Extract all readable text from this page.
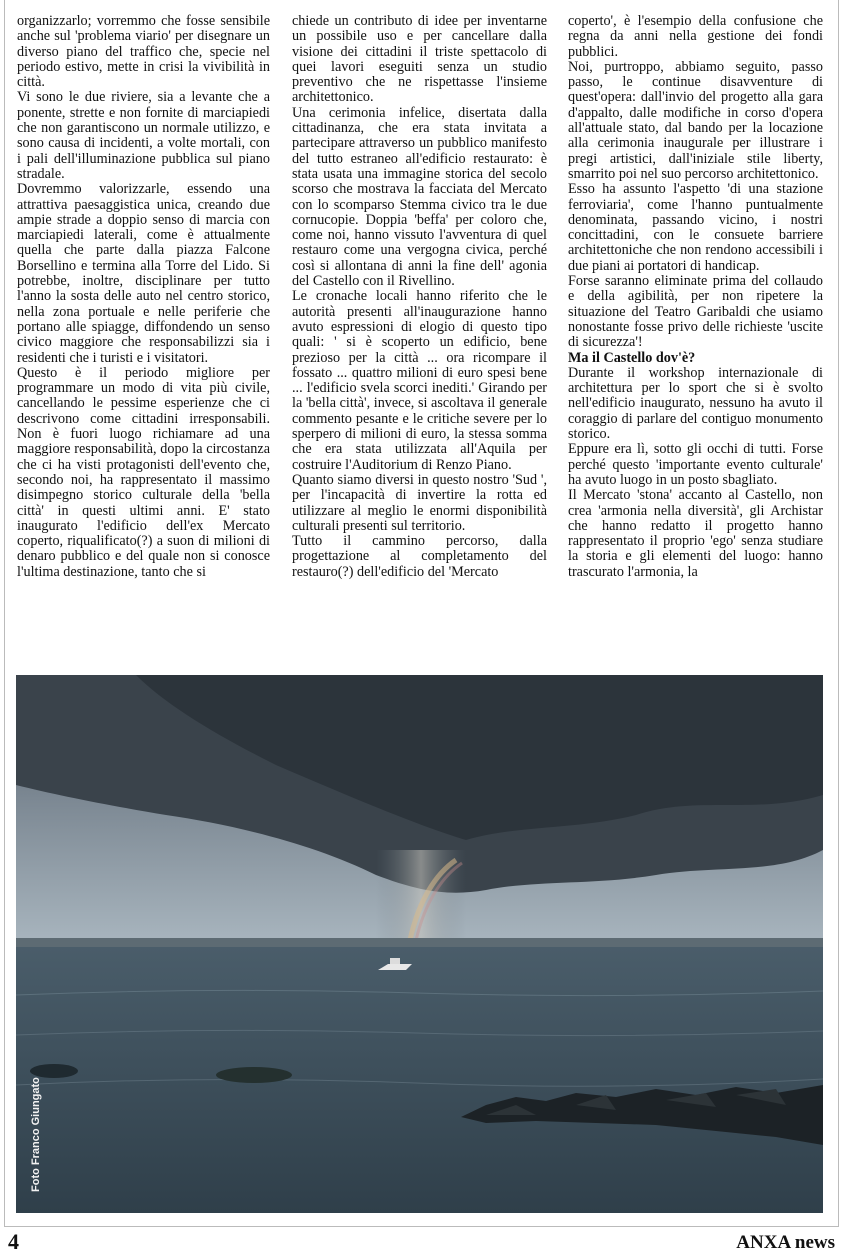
organizzarlo; vorremmo che fosse sensibile anche sul 'problema viario' per disegnare un diverso piano del traffico che, specie nel periodo estivo, mette in crisi la vivibilità in città.

Vi sono le due riviere, sia a levante che a ponente, strette e non fornite di marciapiedi che non garantiscono un normale utilizzo, e sono causa di incidenti, a volte mortali, con i pali dell'illuminazione pubblica sul piano stradale.

Dovremmo valorizzarle, essendo una attrattiva paesaggistica unica, creando due ampie strade a doppio senso di marcia con marciapiedi laterali, come è attualmente quella che parte dalla piazza Falcone Borsellino e termina alla Torre del Lido. Si potrebbe, inoltre, disciplinare per tutto l'anno la sosta delle auto nel centro storico, nella zona portuale e nelle periferie che portano alle spiagge, diffondendo un senso civico maggiore che responsabilizzi sia i residenti che i turisti e i visitatori.

Questo è il periodo migliore per programmare un modo di vita più civile, cancellando le pessime esperienze che ci descrivono come cittadini irresponsabili. Non è fuori luogo richiamare ad una maggiore responsabilità, dopo la circostanza che ci ha visti protagonisti dell'evento che, secondo noi, ha rappresentato il massimo disimpegno storico culturale della 'bella città' in questi ultimi anni. E' stato inaugurato l'edificio dell'ex Mercato coperto, riqualificato(?) a suon di milioni di denaro pubblico e del quale non si conosce l'ultima destinazione, tanto che si

chiede un contributo di idee per inventarne un possibile uso e per cancellare dalla visione dei cittadini il triste spettacolo di quei lavori eseguiti senza un studio preventivo che ne rispettasse l'insieme architettonico.

Una cerimonia infelice, disertata dalla cittadinanza, che era stata invitata a partecipare attraverso un pubblico manifesto del tutto estraneo all'edificio restaurato: è stata usata una immagine storica del secolo scorso che mostrava la facciata del Mercato con lo scomparso Stemma civico tra le due cornucopie. Doppia 'beffa' per coloro che, come noi, hanno vissuto l'avventura di quel restauro come una vergogna civica, perché così si allontana di anni la fine dell' agonia del Castello con il Rivellino.

Le cronache locali hanno riferito che le autorità presenti all'inaugurazione hanno avuto espressioni di elogio di questo tipo quali: ' si è scoperto un edificio, bene prezioso per la città ... ora ricompare il fossato ... quattro milioni di euro spesi bene ... l'edificio svela scorci inediti.' Girando per la 'bella città', invece, si ascoltava il generale commento pesante e le critiche severe per lo sperpero di milioni di euro, la stessa somma che era stata utilizzata all'Aquila per costruire l'Auditorium di Renzo Piano.

Quanto siamo diversi in questo nostro 'Sud ', per l'incapacità di invertire la rotta ed utilizzare al meglio le enormi disponibilità culturali presenti sul territorio.

Tutto il cammino percorso, dalla progettazione al completamento del restauro(?) dell'edificio del 'Mercato

coperto', è l'esempio della confusione che regna da anni nella gestione dei fondi pubblici.

Noi, purtroppo, abbiamo seguito, passo passo, le continue disavventure di quest'opera: dall'invio del progetto alla gara d'appalto, dalle modifiche in corso d'opera all'attuale stato, dal bando per la locazione alla cerimonia inaugurale per illustrare i pregi artistici, dall'iniziale stile liberty, smarrito poi nel suo percorso architettonico.

Esso ha assunto l'aspetto 'di una stazione ferroviaria', come l'hanno puntualmente denominata, passando vicino, i nostri concittadini, con le consuete barriere architettoniche che non rendono accessibili i due piani ai portatori di handicap.

Forse saranno eliminate prima del collaudo e della agibilità, per non ripetere la situazione del Teatro Garibaldi che usiamo nonostante fosse privo delle richieste 'uscite di sicurezza'!

Ma il Castello dov'è?

Durante il workshop internazionale di architettura per lo sport che si è svolto nell'edificio inaugurato, nessuno ha avuto il coraggio di parlare del contiguo monumento storico.

Eppure era lì, sotto gli occhi di tutti. Forse perché questo 'importante evento culturale' ha avuto luogo in un posto sbagliato.

Il Mercato 'stona' accanto al Castello, non crea 'armonia nella diversità', gli Archistar che hanno redatto il progetto hanno rappresentato il proprio 'ego' senza studiare la storia e gli elementi del luogo: hanno trascurato l'armonia, la

Foto Franco Giungato
4	ANXA news
